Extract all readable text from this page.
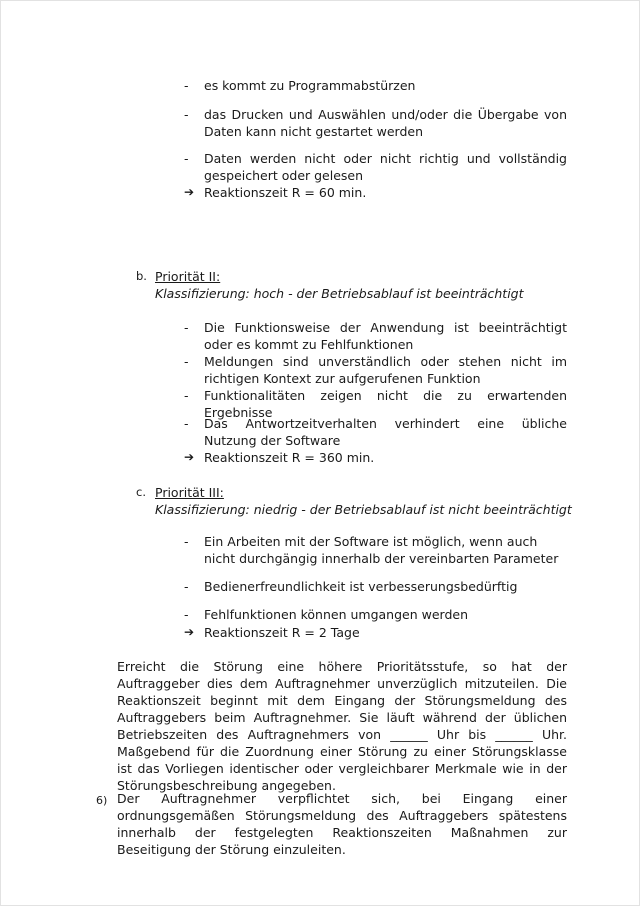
-	es kommt zu Programmabstürzen
-	das Drucken und Auswählen und/oder die Übergabe von Daten kann nicht gestartet werden
-	Daten werden nicht oder nicht richtig und vollständig gespeichert oder gelesen
➔ Reaktionszeit R = 60 min.
b. Priorität II:
Klassifizierung: hoch - der Betriebsablauf ist beeinträchtigt
-	Die Funktionsweise der Anwendung ist beeinträchtigt oder es kommt zu Fehlfunktionen
-	Meldungen sind unverständlich oder stehen nicht im richtigen Kontext zur aufgerufenen Funktion
-	Funktionalitäten zeigen nicht die zu erwartenden Ergebnisse
-	Das Antwortzeitverhalten verhindert eine übliche Nutzung der Software
➔ Reaktionszeit R = 360 min.
c. Priorität III:
Klassifizierung: niedrig - der Betriebsablauf ist nicht beeinträchtigt
-	Ein Arbeiten mit der Software ist möglich, wenn auch nicht durchgängig innerhalb der vereinbarten Parameter
-	Bedienerfreundlichkeit ist verbesserungsbedürftig
-	Fehlfunktionen können umgangen werden
➔ Reaktionszeit R = 2 Tage
Erreicht die Störung eine höhere Prioritätsstufe, so hat der Auftraggeber dies dem Auftragnehmer unverzüglich mitzuteilen. Die Reaktionszeit beginnt mit dem Eingang der Störungsmeldung des Auftraggebers beim Auftragnehmer. Sie läuft während der üblichen Betriebszeiten des Auftragnehmers von ______ Uhr bis ______ Uhr. Maßgebend für die Zuordnung einer Störung zu einer Störungsklasse ist das Vorliegen identischer oder vergleichbarer Merkmale wie in der Störungsbeschreibung angegeben.
6) Der Auftragnehmer verpflichtet sich, bei Eingang einer ordnungsgemäßen Störungsmeldung des Auftraggebers spätestens innerhalb der festgelegten Reaktionszeiten Maßnahmen zur Beseitigung der Störung einzuleiten.
